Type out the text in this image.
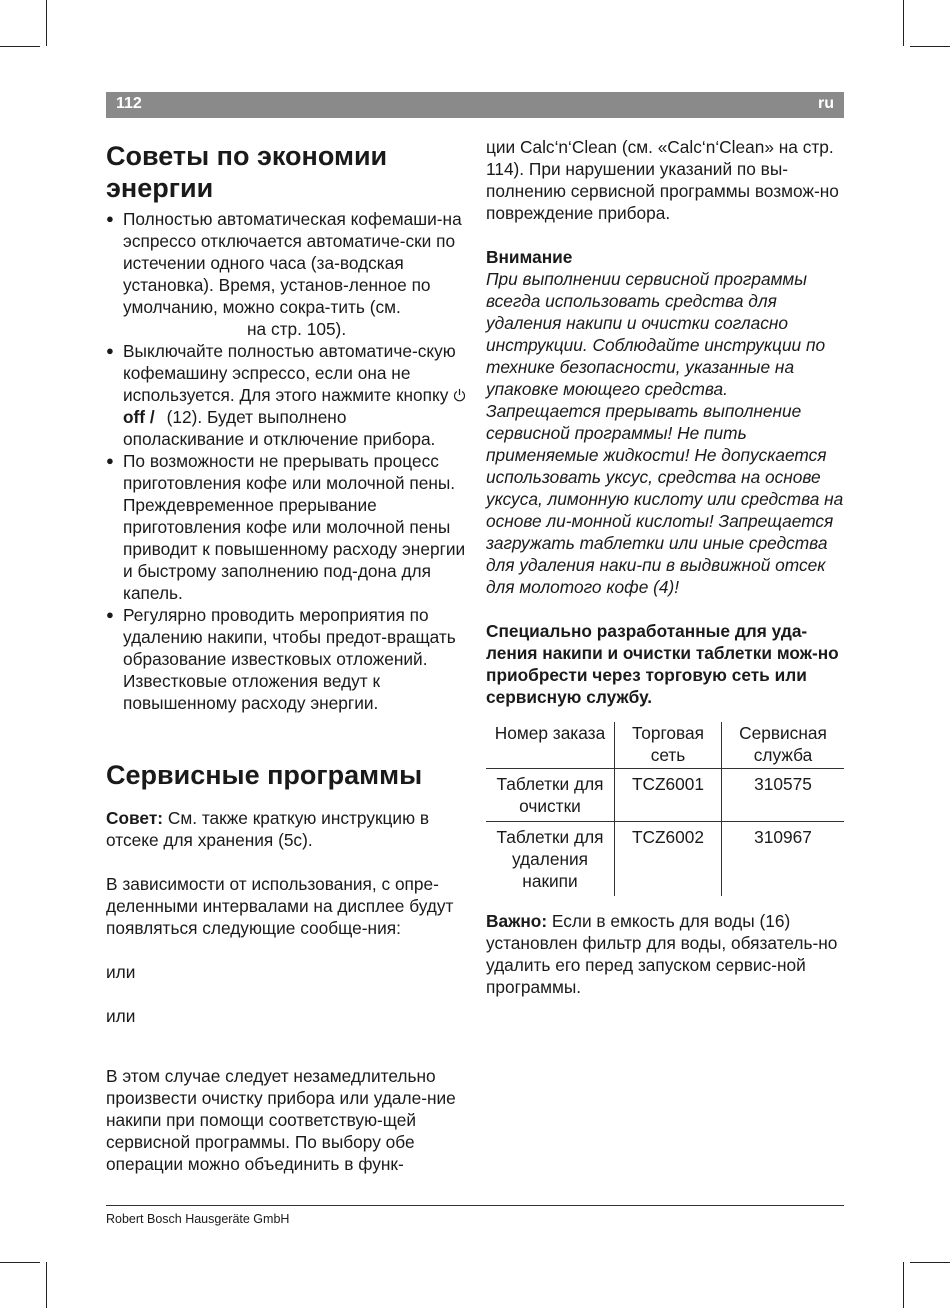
112	ru
Советы по экономии энергии
● Полностью автоматическая кофемаши-на эспрессо отключается автоматиче-ски по истечении одного часа (за-водская установка). Время, установ-ленное по умолчанию, можно сокра-тить (см.на стр. 105).
● Выключайте полностью автоматиче-скую кофемашину эспрессо, если она не используется. Для этого нажмите кнопку  off / (12). Будет выполнено ополаскивание и отключение прибора.
● По возможности не прерывать процесс приготовления кофе или молочной пены. Преждевременное прерывание приготовления кофе или молочной пены приводит к повышенному расходу энергии и быстрому заполнению под-дона для капель.
● Регулярно проводить мероприятия по удалению накипи, чтобы предот-вращать образование известковых отложений. Известковые отложения ведут к повышенному расходу энергии.
Сервисные программы

Совет: См. также краткую инструкцию в отсеке для хранения (5c).

В зависимости от использования, с опре-деленными интервалами на дисплее будут появляться следующие сообще-ния:

или

или

В этом случае следует незамедлительно произвести очистку прибора или удале-ние накипи при помощи соответствую-щей сервисной программы. По выбору обе операции можно объединить в функ-

ции Calc‘n‘Clean (см. «Calc‘n‘Clean» на стр. 114). При нарушении указаний по вы-полнению сервисной программы возмож-но повреждение прибора.

Внимание

При выполнении сервисной программы всегда использовать средства для удаления накипи и очистки согласно инструкции. Соблюдайте инструкции по технике безопасности, указанные на упаковке моющего средства. Запрещается прерывать выполнение сервисной программы! Не пить применяемые жидкости! Не допускается использовать уксус, средства на основе уксуса, лимонную кислоту или средства на основе ли-монной кислоты! Запрещается загружать таблетки или иные средства для удаления наки-пи в выдвижной отсек для молотого кофе (4)!

Специально разработанные для уда-ления накипи и очистки таблетки мож-но приобрести через торговую сеть или сервисную службу.

Номер заказа	Торговая сеть	Сервисная служба
Таблетки для очистки	TCZ6001	310575
Таблетки для удаления накипи	TCZ6002	310967

Важно: Если в емкость для воды (16) установлен фильтр для воды, обязатель-но удалить его перед запуском сервис-ной программы.

Robert Bosch Hausgeräte GmbH
